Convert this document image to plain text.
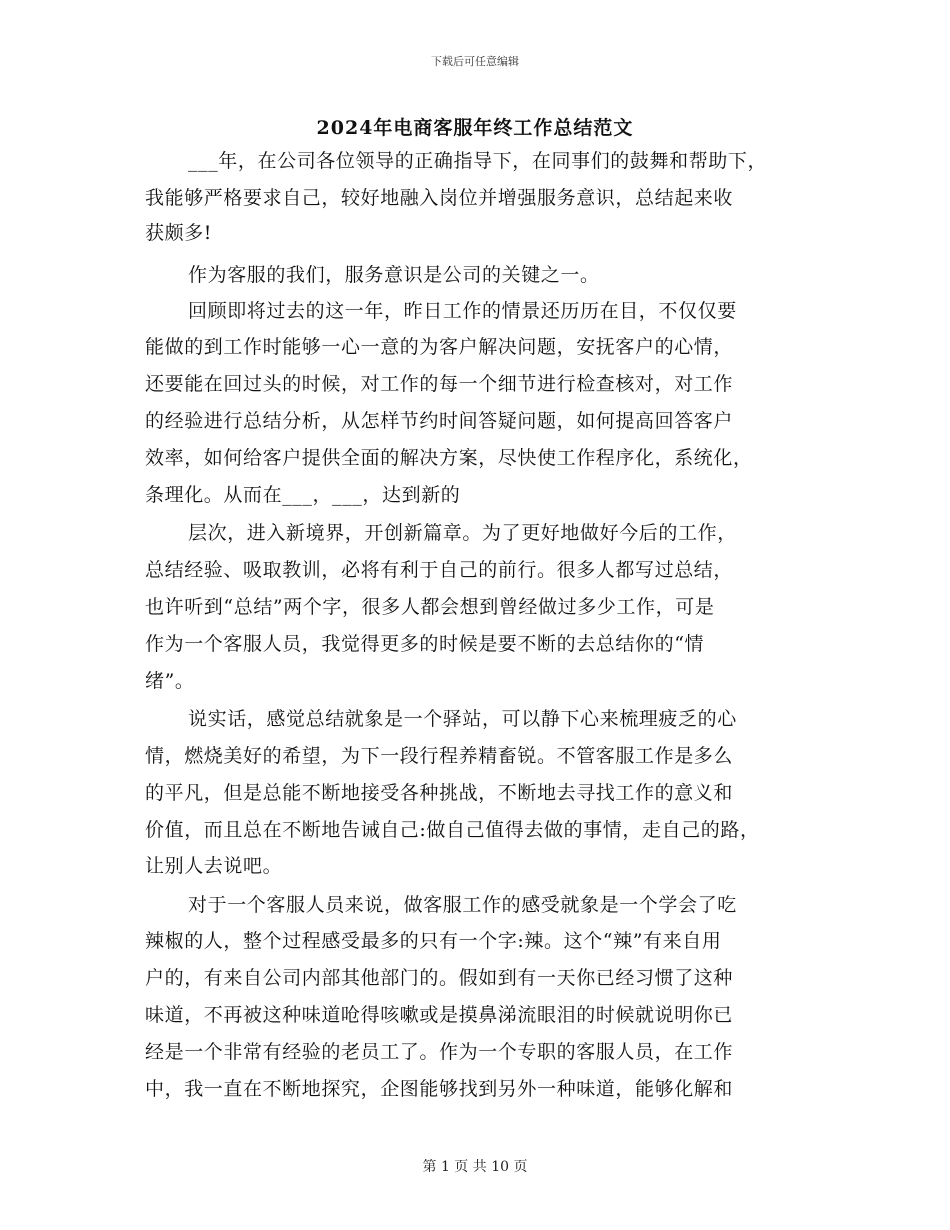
下载后可任意编辑
2024年电商客服年终工作总结范文
___年，在公司各位领导的正确指导下，在同事们的鼓舞和帮助下，
我能够严格要求自己，较好地融入岗位并增强服务意识，总结起来收
获颇多!
作为客服的我们，服务意识是公司的关键之一。
回顾即将过去的这一年，昨日工作的情景还历历在目，不仅仅要
能做的到工作时能够一心一意的为客户解决问题，安抚客户的心情，
还要能在回过头的时候，对工作的每一个细节进行检查核对，对工作
的经验进行总结分析，从怎样节约时间答疑问题，如何提高回答客户
效率，如何给客户提供全面的解决方案，尽快使工作程序化，系统化，
条理化。从而在___，___，达到新的
层次，进入新境界，开创新篇章。为了更好地做好今后的工作，
总结经验、吸取教训，必将有利于自己的前行。很多人都写过总结，
也许听到“总结”两个字，很多人都会想到曾经做过多少工作，可是
作为一个客服人员，我觉得更多的时候是要不断的去总结你的“情
绪”。
说实话，感觉总结就象是一个驿站，可以静下心来梳理疲乏的心
情，燃烧美好的希望，为下一段行程养精畜锐。不管客服工作是多么
的平凡，但是总能不断地接受各种挑战，不断地去寻找工作的意义和
价值，而且总在不断地告诫自己:做自己值得去做的事情，走自己的路，
让别人去说吧。
对于一个客服人员来说，做客服工作的感受就象是一个学会了吃
辣椒的人，整个过程感受最多的只有一个字:辣。这个“辣”有来自用
户的，有来自公司内部其他部门的。假如到有一天你已经习惯了这种
味道，不再被这种味道呛得咳嗽或是摸鼻涕流眼泪的时候就说明你已
经是一个非常有经验的老员工了。作为一个专职的客服人员，在工作
中，我一直在不断地探究，企图能够找到另外一种味道，能够化解和
第 1 页 共 10 页
